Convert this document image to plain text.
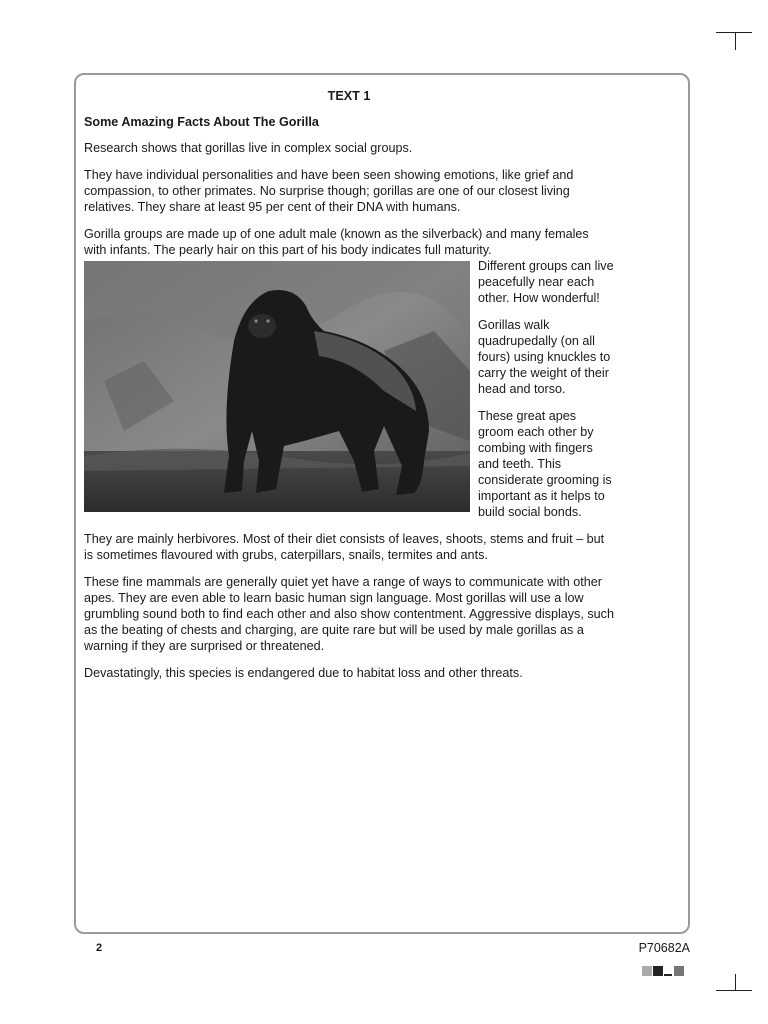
TEXT 1
Some Amazing Facts About The Gorilla

Research shows that gorillas live in complex social groups.

They have individual personalities and have been seen showing emotions, like grief and compassion, to other primates. No surprise though; gorillas are one of our closest living relatives. They share at least 95 per cent of their DNA with humans.

Gorilla groups are made up of one adult male (known as the silverback) and many females with infants. The pearly hair on this part of his body indicates full maturity.

Different groups can live peacefully near each other. How wonderful!

Gorillas walk quadrupedally (on all fours) using knuckles to carry the weight of their head and torso.

These great apes groom each other by combing with fingers and teeth. This considerate grooming is important as it helps to build social bonds.

They are mainly herbivores. Most of their diet consists of leaves, shoots, stems and fruit – but is sometimes flavoured with grubs, caterpillars, snails, termites and ants.

These fine mammals are generally quiet yet have a range of ways to communicate with other apes. They are even able to learn basic human sign language. Most gorillas will use a low grumbling sound both to find each other and also show contentment. Aggressive displays, such as the beating of chests and charging, are quite rare but will be used by male gorillas as a warning if they are surprised or threatened.

Devastatingly, this species is endangered due to habitat loss and other threats.

2	P70682A
